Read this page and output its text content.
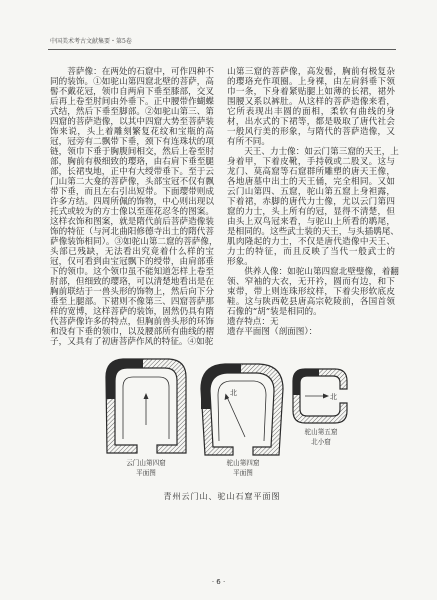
中国美术考古文献集要・第5卷
菩萨像：在两处的石窟中，可作四种不
同的装饰。①如驼山第四窟北壁的菩萨，高
髻不戴花冠，领巾自两肩下垂至膝部，交叉
后再上卷至肘间由外垂下。正中腰带作蝴蝶
式结，然后下垂至脚部。②如驼山第三、第
四窟的菩萨造像，以其中四窟大势至菩萨装
饰来说，头上着雕刻繁复花纹和宝瓶的高
冠，冠旁有二飘带下垂，颈下有连珠状的项
链，领巾下垂于胸腹间相交，然后上卷至肘
部，胸前有极细致的璎珞，由右肩下垂至腿
部，长裙曳地，正中有大绶带垂下。至于云
门山第二大龛的菩萨像，头部宝冠不仅有飘
带下垂，而且左右引出短带。下面璎带则成
许多方结。四周所佩的饰物，中心则出现以
托式或较为的方士像以至莲花忍冬的图案。
这样衣饰和图案，就是隋代前后菩萨造像装
饰的特征（与河北曲阳修德寺出土的隋代菩
萨像装饰相同）。③如驼山第二窟的菩萨像，
头部已残缺，无法看出究竟着什么样的宝
冠，仅可看到由宝冠飘下的绶带，由肩部垂
下的领巾。这个领巾虽不能知道怎样上卷至
肘部，但细致的璎珞，可以清楚地看出是在
胸前联结于一兽头形的饰物上，然后向下分
垂至上腿部。下裙则不像第三、四窟菩萨那
样的宽博，这样菩萨的装饰，固然仍具有隋
代菩萨像许多的特点，但胸前兽头形的环饰
和没有下垂的领巾，以及腰部所有曲线的褶
子，又具有了初唐菩萨作风的特征。④如驼
山第三窟的菩萨像，高发髻，胸前有极复杂
的璎珞充作项圈。上身裸，由左肩斜垂下领
巾一条，下身着紧贴腿上如薄的长裙，裙外
围腰又系以裤肚。从这样的菩萨造像来看，
它所表现出丰圆的面相，柔软有曲线的身
材，出水式的下裙等，都是吸取了唐代社会
一般风行美的形象，与隋代的菩萨造像，又
有所不同。
天王、力士像：如云门第三窟的天王，上
身着甲，下着皮靴，手持戟或二股叉。这与
龙门、莫高窟等石窟群所雕塑的唐天王像，
各地唐墓中出土的天王俑，完全相同。又如
云门山第四、五窟，驼山第五窟上身袒露，
下着裙，赤脚的唐代力士像，尤以云门第四
窟的力士，头上所有的冠，显得不清楚，但
由头上双鸟冠来看，与驼山上所看的鹖尾，
是相同的。这些武士装的天王，与头插鹖尾、
肌肉隆起的力士，不仅是唐代造像中天王、
力士的特征，而且反映了当代一般武士的
形象。
供养人像：如驼山第四窟北壁璧像，着翻
领、窄袖的大衣，无开衿，圆而有边，和下
束带，带上则连珠形纹样，下着尖形软底皮
鞋。这与陕西乾县唐高宗乾陵前，各国首领
石像的“胡”装是相同的。
遗存特点：无
遗存平面图（剖面图）：
云门山第四窟
平面图
北
驼山第四窟
平面图
北
驼山第五窟
北小窟
青州云门山、驼山石窟平面图
· 6 ·
